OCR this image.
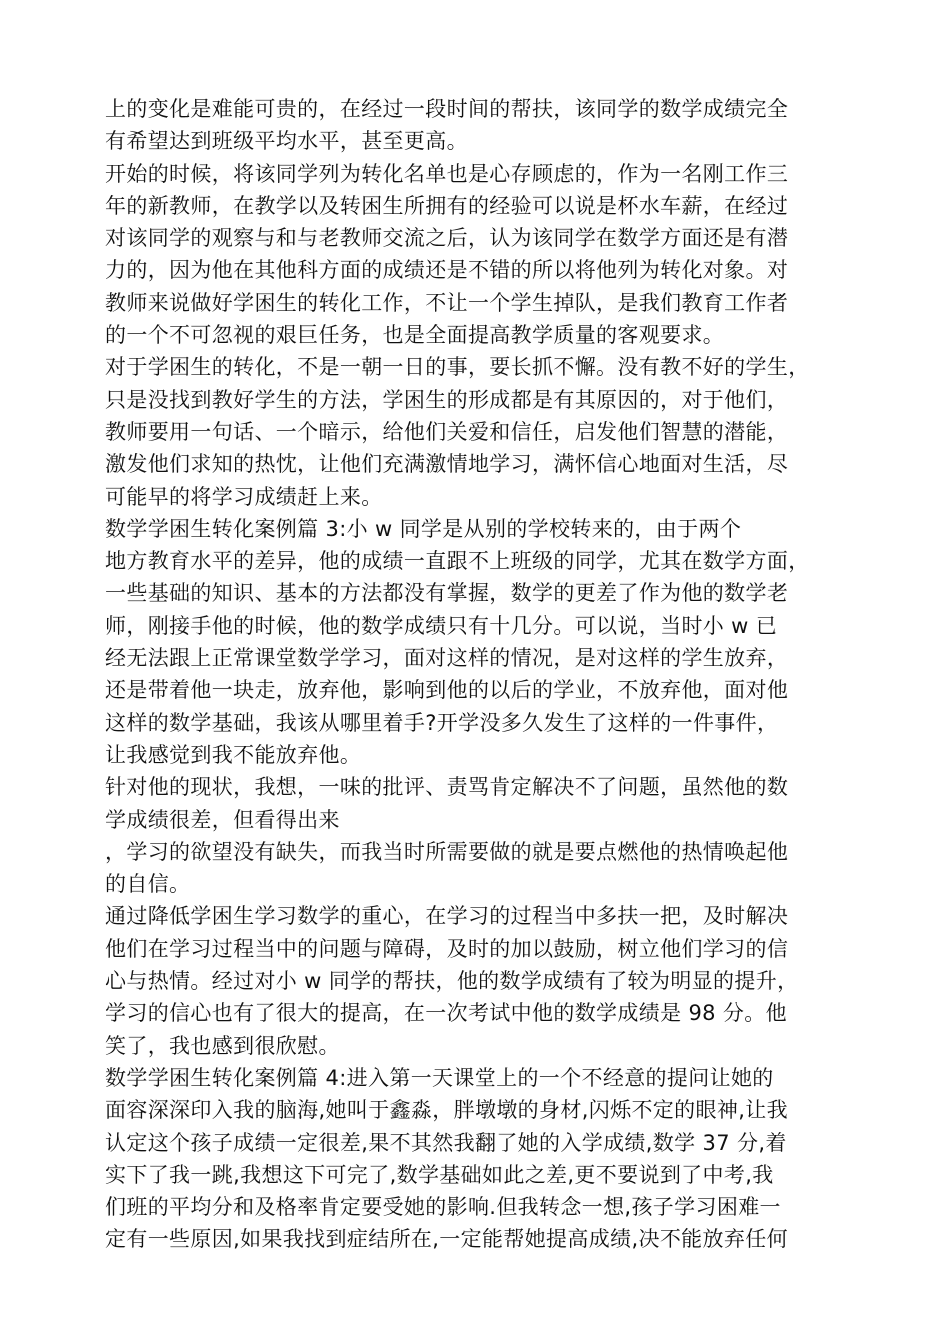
上的变化是难能可贵的，在经过一段时间的帮扶，该同学的数学成绩完全
有希望达到班级平均水平，甚至更高。
开始的时候，将该同学列为转化名单也是心存顾虑的，作为一名刚工作三
年的新教师，在教学以及转困生所拥有的经验可以说是杯水车薪，在经过
对该同学的观察与和与老教师交流之后，认为该同学在数学方面还是有潜
力的，因为他在其他科方面的成绩还是不错的所以将他列为转化对象。对
教师来说做好学困生的转化工作，不让一个学生掉队，是我们教育工作者
的一个不可忽视的艰巨任务，也是全面提高教学质量的客观要求。
对于学困生的转化，不是一朝一日的事，要长抓不懈。没有教不好的学生，
只是没找到教好学生的方法，学困生的形成都是有其原因的，对于他们，
教师要用一句话、一个暗示，给他们关爱和信任，启发他们智慧的潜能，
激发他们求知的热忱，让他们充满激情地学习，满怀信心地面对生活，尽
可能早的将学习成绩赶上来。
数学学困生转化案例篇 3:小 w 同学是从别的学校转来的，由于两个
地方教育水平的差异，他的成绩一直跟不上班级的同学，尤其在数学方面，
一些基础的知识、基本的方法都没有掌握，数学的更差了作为他的数学老
师，刚接手他的时候，他的数学成绩只有十几分。可以说，当时小 w 已
经无法跟上正常课堂数学学习，面对这样的情况，是对这样的学生放弃，
还是带着他一块走，放弃他，影响到他的以后的学业，不放弃他，面对他
这样的数学基础，我该从哪里着手?开学没多久发生了这样的一件事件，
让我感觉到我不能放弃他。
针对他的现状，我想，一味的批评、责骂肯定解决不了问题，虽然他的数
学成绩很差，但看得出来
，学习的欲望没有缺失，而我当时所需要做的就是要点燃他的热情唤起他
的自信。
通过降低学困生学习数学的重心，在学习的过程当中多扶一把，及时解决
他们在学习过程当中的问题与障碍，及时的加以鼓励，树立他们学习的信
心与热情。经过对小 w 同学的帮扶，他的数学成绩有了较为明显的提升，
学习的信心也有了很大的提高，在一次考试中他的数学成绩是 98 分。他
笑了，我也感到很欣慰。
数学学困生转化案例篇 4:进入第一天课堂上的一个不经意的提问让她的
面容深深印入我的脑海,她叫于鑫淼，胖墩墩的身材,闪烁不定的眼神,让我
认定这个孩子成绩一定很差,果不其然我翻了她的入学成绩,数学 37 分,着
实下了我一跳,我想这下可完了,数学基础如此之差,更不要说到了中考,我
们班的平均分和及格率肯定要受她的影响.但我转念一想,孩子学习困难一
定有一些原因,如果我找到症结所在,一定能帮她提高成绩,决不能放弃任何
